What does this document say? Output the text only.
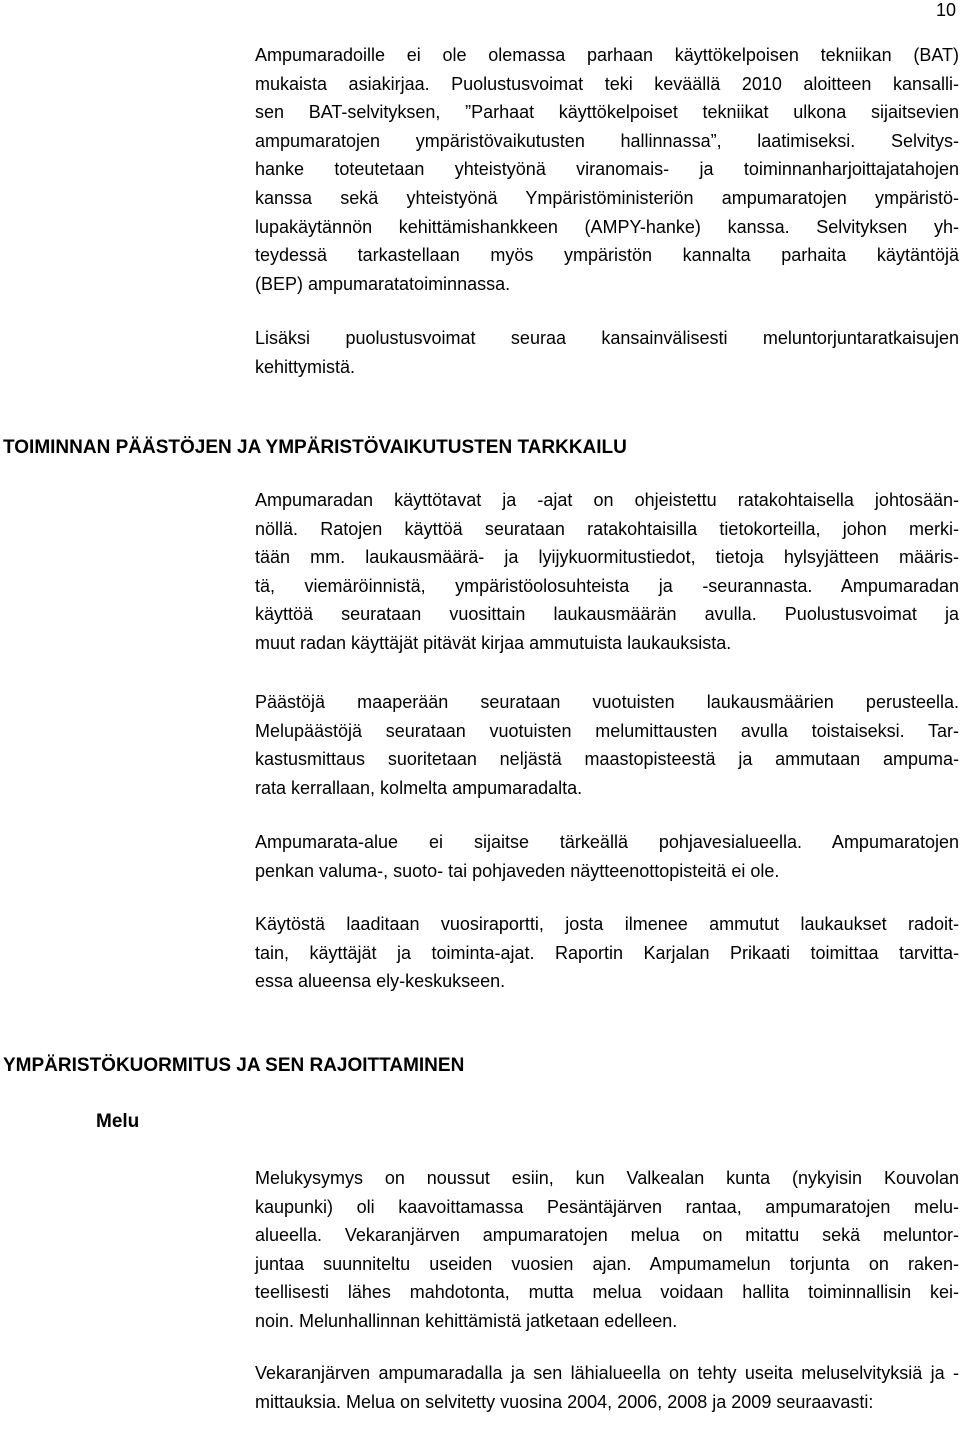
10
Ampumaradoille ei ole olemassa parhaan käyttökelpoisen tekniikan (BAT)
mukaista asiakirjaa. Puolustusvoimat teki keväällä 2010 aloitteen kansalli-
sen BAT-selvityksen, ”Parhaat käyttökelpoiset tekniikat ulkona sijaitsevien
ampumaratojen ympäristövaikutusten hallinnassa”, laatimiseksi. Selvitys-
hanke toteutetaan yhteistyönä viranomais- ja toiminnanharjoittajatahojen
kanssa sekä yhteistyönä Ympäristöministeriön ampumaratojen ympäristö-
lupakäytännön kehittämishankkeen (AMPY-hanke) kanssa. Selvityksen yh-
teydessä tarkastellaan myös ympäristön kannalta parhaita käytäntöjä
(BEP) ampumaratatoiminnassa.
Lisäksi puolustusvoimat seuraa kansainvälisesti meluntorjuntaratkaisujen
kehittymistä.
TOIMINNAN PÄÄSTÖJEN JA YMPÄRISTÖVAIKUTUSTEN TARKKAILU
Ampumaradan käyttötavat ja -ajat on ohjeistettu ratakohtaisella johtosään-
nöllä. Ratojen käyttöä seurataan ratakohtaisilla tietokorteilla, johon merki-
tään mm. laukausmäärä- ja lyijykuormitustiedot, tietoja hylsyjätteen määris-
tä, viemäröinnistä, ympäristöolosuhteista ja -seurannasta. Ampumaradan
käyttöä seurataan vuosittain laukausmäärän avulla. Puolustusvoimat ja
muut radan käyttäjät pitävät kirjaa ammutuista laukauksista.
Päästöjä maaperään seurataan vuotuisten laukausmäärien perusteella.
Melupäästöjä seurataan vuotuisten melumittausten avulla toistaiseksi. Tar-
kastusmittaus suoritetaan neljästä maastopisteestä ja ammutaan ampuma-
rata kerrallaan, kolmelta ampumaradalta.
Ampumarata-alue ei sijaitse tärkeällä pohjavesialueella. Ampumaratojen
penkan valuma-, suoto- tai pohjaveden näytteenottopisteitä ei ole.
Käytöstä laaditaan vuosiraportti, josta ilmenee ammutut laukaukset radoit-
tain, käyttäjät ja toiminta-ajat. Raportin Karjalan Prikaati toimittaa tarvitta-
essa alueensa ely-keskukseen.
YMPÄRISTÖKUORMITUS JA SEN RAJOITTAMINEN
Melu
Melukysymys on noussut esiin, kun Valkealan kunta (nykyisin Kouvolan
kaupunki) oli kaavoittamassa Pesäntäjärven rantaa, ampumaratojen melu-
alueella. Vekaranjärven ampumaratojen melua on mitattu sekä meluntor-
juntaa suunniteltu useiden vuosien ajan. Ampumamelun torjunta on raken-
teellisesti lähes mahdotonta, mutta melua voidaan hallita toiminnallisin kei-
noin. Melunhallinnan kehittämistä jatketaan edelleen.
Vekaranjärven ampumaradalla ja sen lähialueella on tehty useita meluselvityksiä ja -mittauksia. Melua on selvitetty vuosina 2004, 2006, 2008 ja 2009 seuraavasti:
